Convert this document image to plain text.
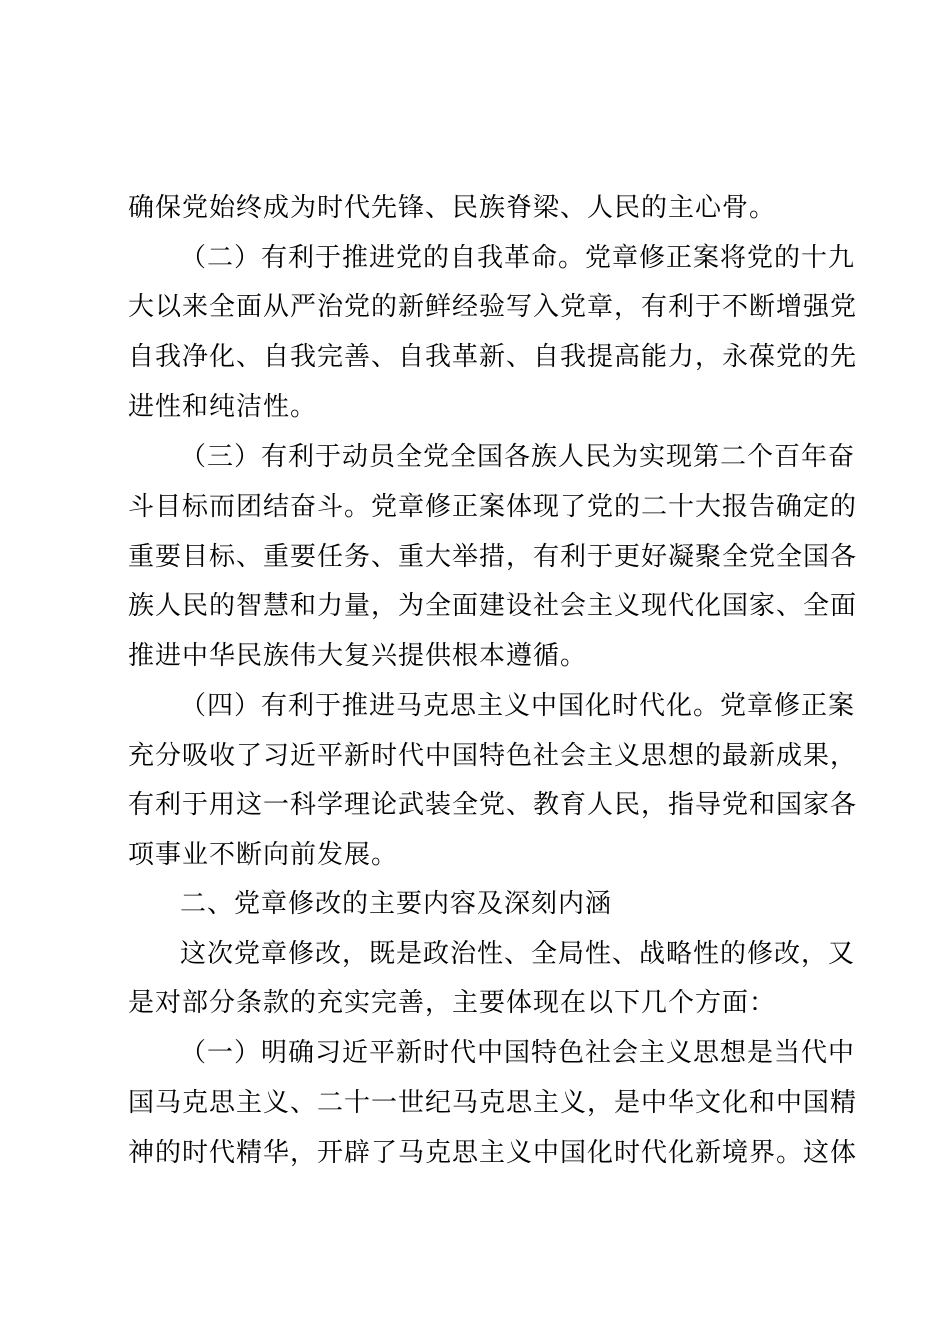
确保党始终成为时代先锋、民族脊梁、人民的主心骨。
（二）有利于推进党的自我革命。党章修正案将党的十九
大以来全面从严治党的新鲜经验写入党章，有利于不断增强党
自我净化、自我完善、自我革新、自我提高能力，永葆党的先
进性和纯洁性。
（三）有利于动员全党全国各族人民为实现第二个百年奋
斗目标而团结奋斗。党章修正案体现了党的二十大报告确定的
重要目标、重要任务、重大举措，有利于更好凝聚全党全国各
族人民的智慧和力量，为全面建设社会主义现代化国家、全面
推进中华民族伟大复兴提供根本遵循。
（四）有利于推进马克思主义中国化时代化。党章修正案
充分吸收了习近平新时代中国特色社会主义思想的最新成果，
有利于用这一科学理论武装全党、教育人民，指导党和国家各
项事业不断向前发展。
二、党章修改的主要内容及深刻内涵
这次党章修改，既是政治性、全局性、战略性的修改，又
是对部分条款的充实完善，主要体现在以下几个方面：
（一）明确习近平新时代中国特色社会主义思想是当代中
国马克思主义、二十一世纪马克思主义，是中华文化和中国精
神的时代精华，开辟了马克思主义中国化时代化新境界。这体
